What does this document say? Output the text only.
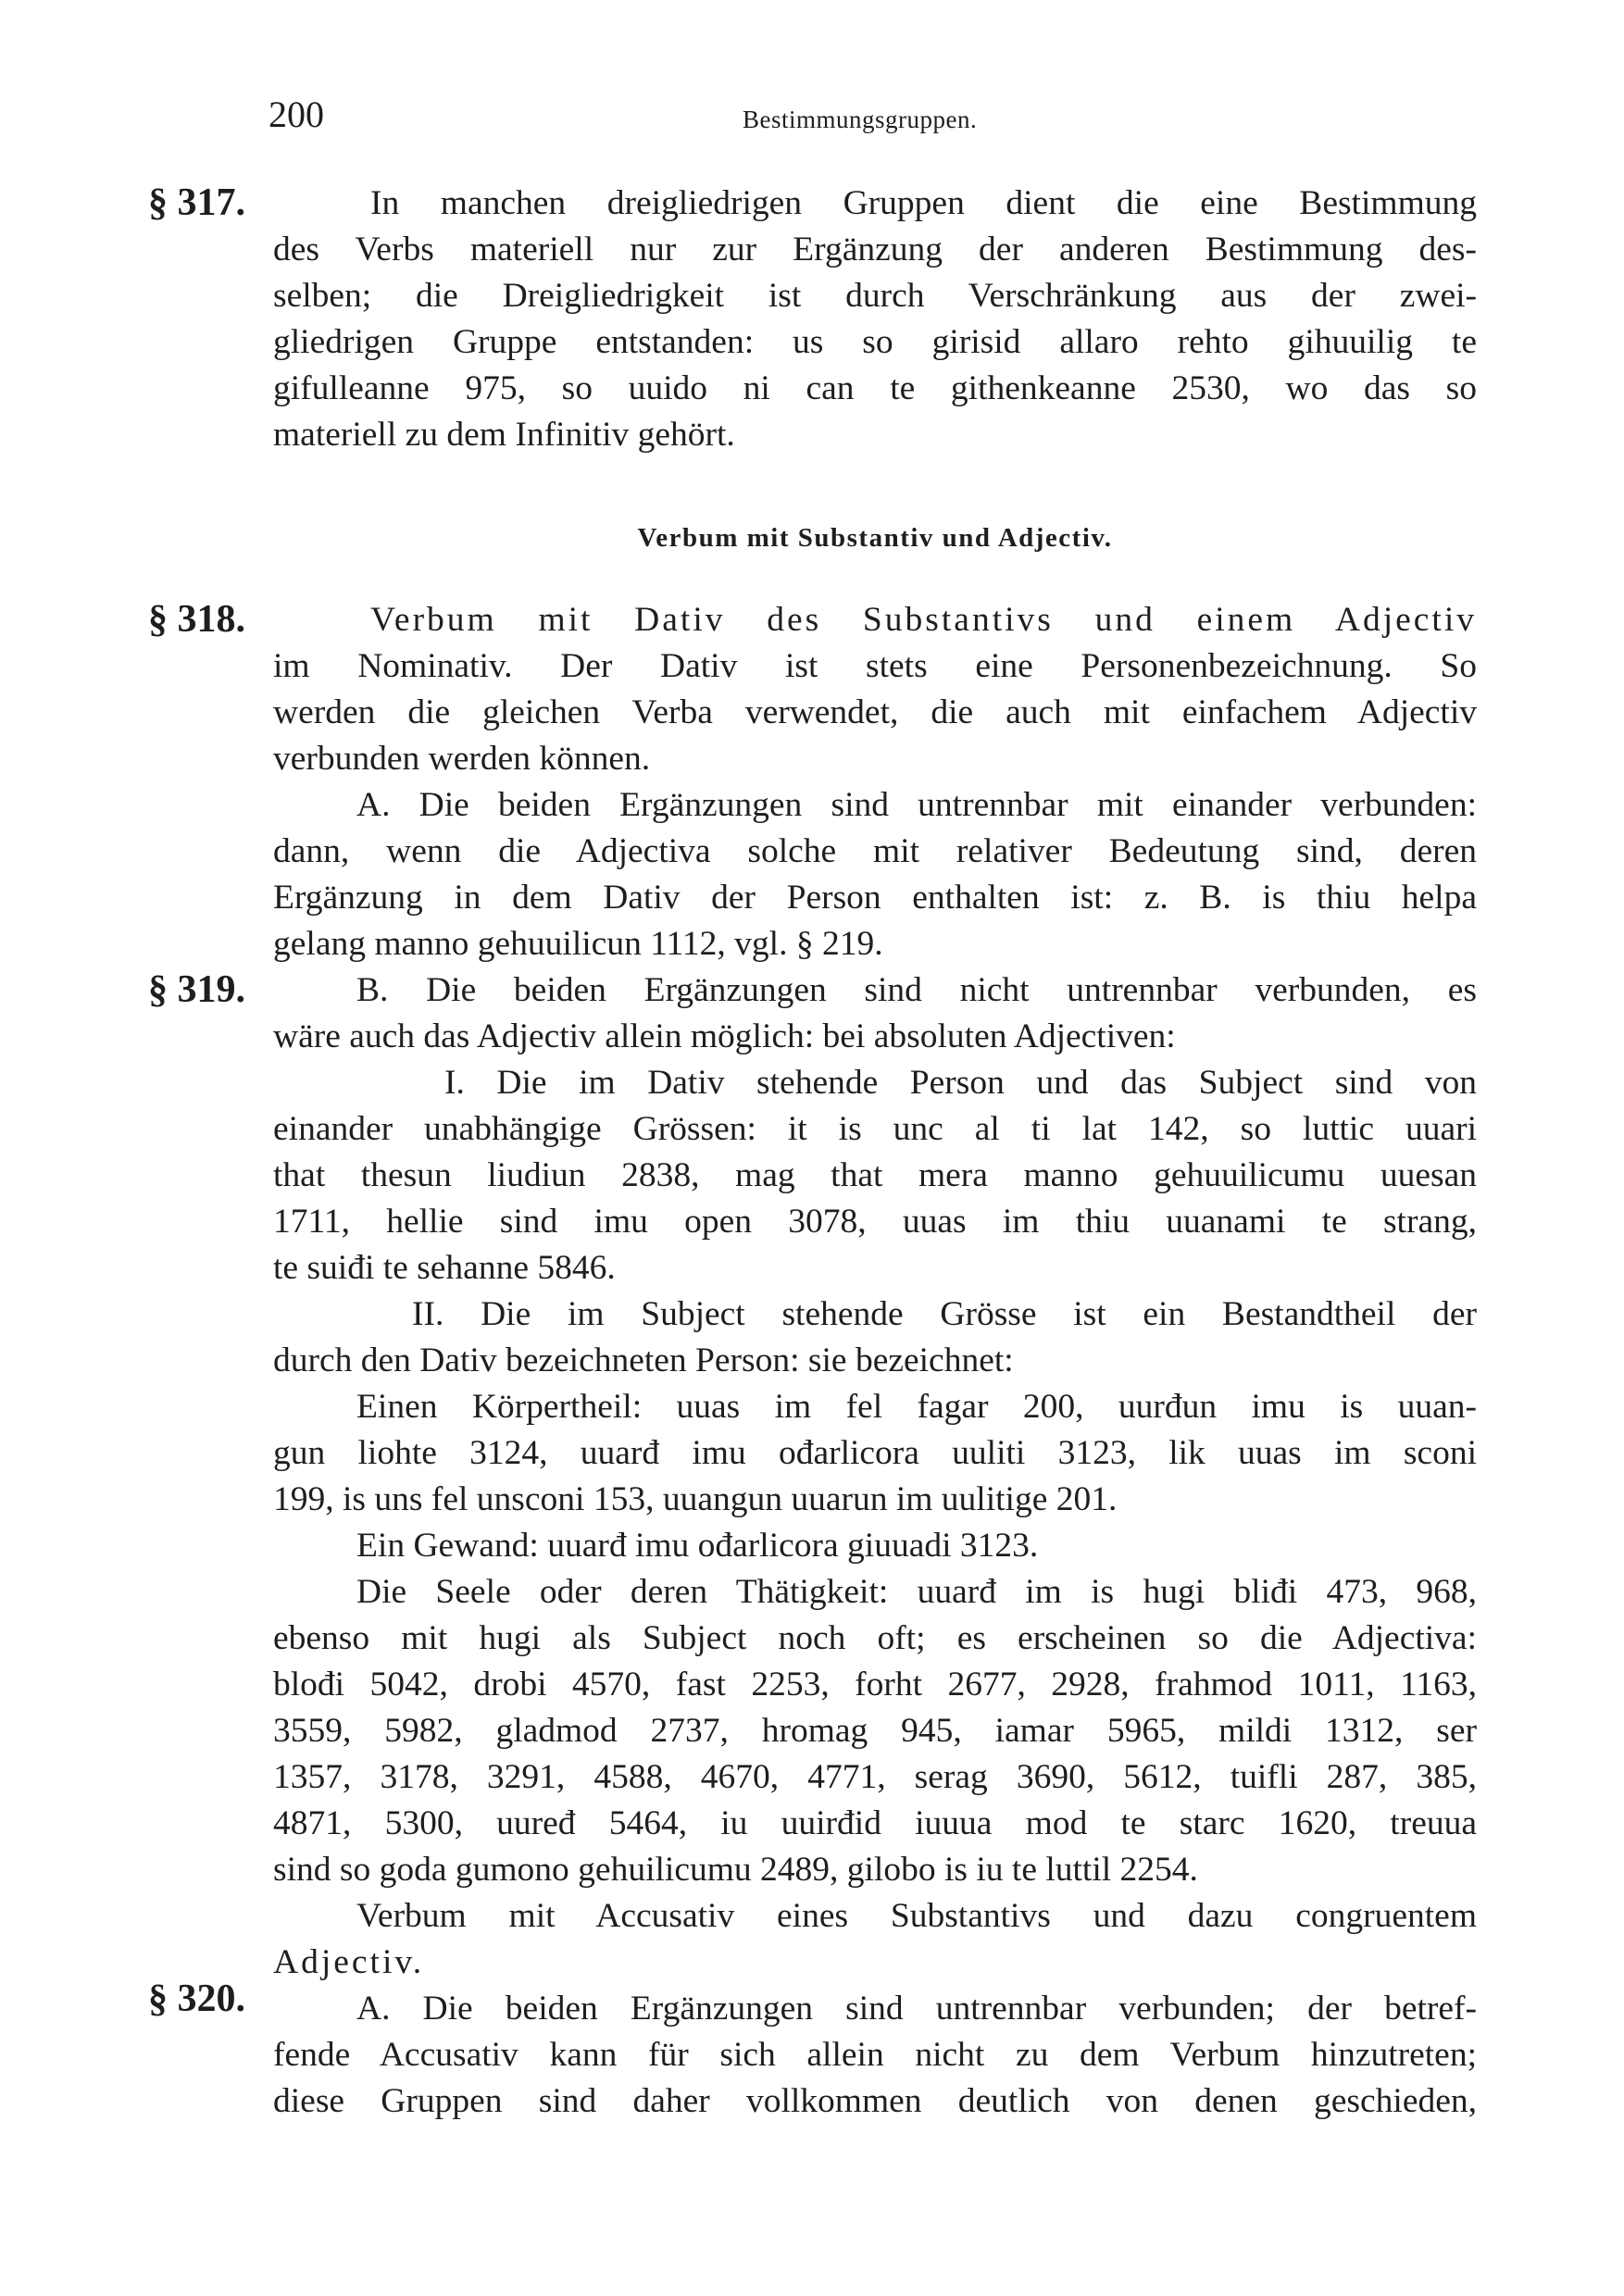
200	Bestimmungsgruppen.
§ 317.
§ 318.
§ 319.
§ 320.
In manchen dreigliedrigen Gruppen dient die eine Bestimmung
des Verbs materiell nur zur Ergänzung der anderen Bestimmung des-
selben; die Dreigliedrigkeit ist durch Verschränkung aus der zwei-
gliedrigen Gruppe entstanden: us so girisid allaro rehto gihuuilig te
gifulleanne 975, so uuido ni can te githenkeanne 2530, wo das so
materiell zu dem Infinitiv gehört.
Verbum mit Substantiv und Adjectiv.
Verbum mit Dativ des Substantivs und einem Adjectiv
im Nominativ. Der Dativ ist stets eine Personenbezeichnung. So
werden die gleichen Verba verwendet, die auch mit einfachem Adjectiv
verbunden werden können.
A. Die beiden Ergänzungen sind untrennbar mit einander verbunden:
dann, wenn die Adjectiva solche mit relativer Bedeutung sind, deren
Ergänzung in dem Dativ der Person enthalten ist: z. B. is thiu helpa
gelang manno gehuuilicun 1112, vgl. § 219.
B. Die beiden Ergänzungen sind nicht untrennbar verbunden, es
wäre auch das Adjectiv allein möglich: bei absoluten Adjectiven:
I. Die im Dativ stehende Person und das Subject sind von
einander unabhängige Grössen: it is unc al ti lat 142, so luttic uuari
that thesun liudiun 2838, mag that mera manno gehuuilicumu uuesan
1711, hellie sind imu open 3078, uuas im thiu uuanami te strang,
te suiđi te sehanne 5846.
II. Die im Subject stehende Grösse ist ein Bestandtheil der
durch den Dativ bezeichneten Person: sie bezeichnet:
Einen Körpertheil: uuas im fel fagar 200, uurđun imu is uuan-
gun liohte 3124, uuarđ imu ođarlicora uuliti 3123, lik uuas im sconi
199, is uns fel unsconi 153, uuangun uuarun im uulitige 201.
Ein Gewand: uuarđ imu ođarlicora giuuadi 3123.
Die Seele oder deren Thätigkeit: uuarđ im is hugi bliđi 473, 968,
ebenso mit hugi als Subject noch oft; es erscheinen so die Adjectiva:
blođi 5042, drobi 4570, fast 2253, forht 2677, 2928, frahmod 1011, 1163,
3559, 5982, gladmod 2737, hromag 945, iamar 5965, mildi 1312, ser
1357, 3178, 3291, 4588, 4670, 4771, serag 3690, 5612, tuifli 287, 385,
4871, 5300, uuređ 5464, iu uuirđid iuuua mod te starc 1620, treuua
sind so goda gumono gehuilicumu 2489, gilobo is iu te luttil 2254.
Verbum mit Accusativ eines Substantivs und dazu congruentem
Adjectiv.
A. Die beiden Ergänzungen sind untrennbar verbunden; der betref-
fende Accusativ kann für sich allein nicht zu dem Verbum hinzutreten;
diese Gruppen sind daher vollkommen deutlich von denen geschieden,
